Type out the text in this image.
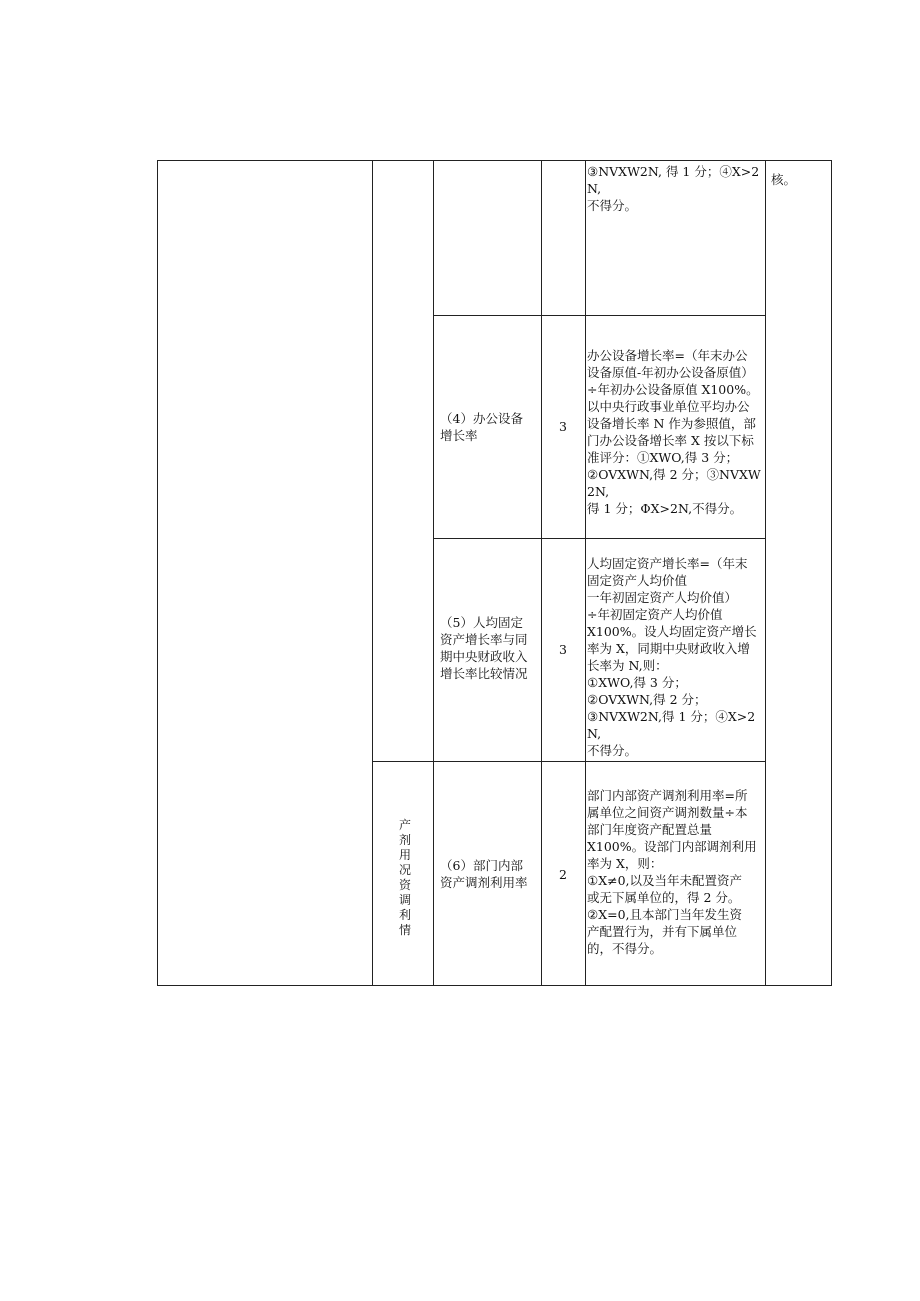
③NVXW2N, 得 1 分；④X>2N,
不得分。
核。
（4）办公设备
增长率
3
办公设备增长率=（年末办公
设备原值-年初办公设备原值）
÷年初办公设备原值 X100%。
以中央行政事业单位平均办公
设备增长率 N 作为参照值，部
门办公设备增长率 X 按以下标
准评分：①XWO,得 3 分；
②OVXWN,得 2 分；③NVXW2N,
得 1 分；ΦX>2N,不得分。
（5）人均固定
资产增长率与同
期中央财政收入
增长率比较情况
3
人均固定资产增长率=（年末
固定资产人均价值
一年初固定资产人均价值）
÷年初固定资产人均价值
X100%。设人均固定资产增长
率为 X，同期中央财政收入增
长率为 N,则：
①XWO,得 3 分；
②OVXWN,得 2 分；
③NVXW2N,得 1 分；④X>2N,
不得分。
产
剂
用
况
资
调
利
情
（6）部门内部
资产调剂利用率
2
部门内部资产调剂利用率=所
属单位之间资产调剂数量÷本
部门年度资产配置总量
X100%。设部门内部调剂利用
率为 X，则：
①X≠0,以及当年未配置资产
或无下属单位的，得 2 分。
②X=0,且本部门当年发生资
产配置行为，并有下属单位
的，不得分。
